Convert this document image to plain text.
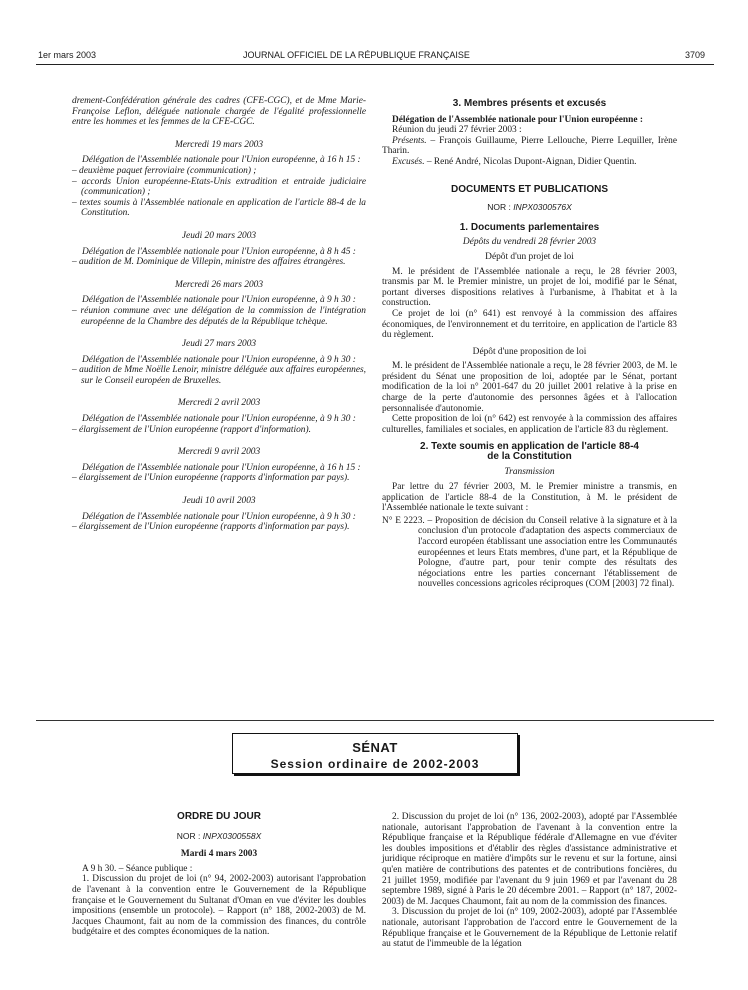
1er mars 2003	JOURNAL OFFICIEL DE LA RÉPUBLIQUE FRANÇAISE	3709

drement-Confédération générale des cadres (CFE-CGC), et de Mme Marie-Françoise Leflon, déléguée nationale chargée de l'égalité professionnelle entre les hommes et les femmes de la CFE-CGC.

Mercredi 19 mars 2003

Délégation de l'Assemblée nationale pour l'Union européenne, à 16 h 15 :

– deuxième paquet ferroviaire (communication) ;
– accords Union européenne-Etats-Unis extradition et entraide judiciaire (communication) ;
– textes soumis à l'Assemblée nationale en application de l'article 88-4 de la Constitution.

Jeudi 20 mars 2003

Délégation de l'Assemblée nationale pour l'Union européenne, à 8 h 45 :

– audition de M. Dominique de Villepin, ministre des affaires étrangères.

Mercredi 26 mars 2003

Délégation de l'Assemblée nationale pour l'Union européenne, à 9 h 30 :

– réunion commune avec une délégation de la commission de l'intégration européenne de la Chambre des députés de la République tchèque.

Jeudi 27 mars 2003

Délégation de l'Assemblée nationale pour l'Union européenne, à 9 h 30 :

– audition de Mme Noëlle Lenoir, ministre déléguée aux affaires européennes, sur le Conseil européen de Bruxelles.

Mercredi 2 avril 2003

Délégation de l'Assemblée nationale pour l'Union européenne, à 9 h 30 :

– élargissement de l'Union européenne (rapport d'information).

Mercredi 9 avril 2003

Délégation de l'Assemblée nationale pour l'Union européenne, à 16 h 15 :

– élargissement de l'Union européenne (rapports d'information par pays).

Jeudi 10 avril 2003

Délégation de l'Assemblée nationale pour l'Union européenne, à 9 h 30 :

– élargissement de l'Union européenne (rapports d'information par pays).

3. Membres présents et excusés

Délégation de l'Assemblée nationale pour l'Union européenne :

Réunion du jeudi 27 février 2003 :

Présents. – François Guillaume, Pierre Lellouche, Pierre Lequiller, Irène Tharin.

Excusés. – René André, Nicolas Dupont-Aignan, Didier Quentin.

DOCUMENTS ET PUBLICATIONS

NOR : INPX0300576X

1. Documents parlementaires

Dépôts du vendredi 28 février 2003

Dépôt d'un projet de loi

M. le président de l'Assemblée nationale a reçu, le 28 février 2003, transmis par M. le Premier ministre, un projet de loi, modifié par le Sénat, portant diverses dispositions relatives à l'urbanisme, à l'habitat et à la construction.

Ce projet de loi (n° 641) est renvoyé à la commission des affaires économiques, de l'environnement et du territoire, en application de l'article 83 du règlement.

Dépôt d'une proposition de loi

M. le président de l'Assemblée nationale a reçu, le 28 février 2003, de M. le président du Sénat une proposition de loi, adoptée par le Sénat, portant modification de la loi n° 2001-647 du 20 juillet 2001 relative à la prise en charge de la perte d'autonomie des personnes âgées et à l'allocation personnalisée d'autonomie.

Cette proposition de loi (n° 642) est renvoyée à la commission des affaires culturelles, familiales et sociales, en application de l'article 83 du règlement.

2. Texte soumis en application de l'article 88-4

de la Constitution

Transmission

Par lettre du 27 février 2003, M. le Premier ministre a transmis, en application de l'article 88-4 de la Constitution, à M. le président de l'Assemblée nationale le texte suivant :

N° E 2223. – Proposition de décision du Conseil relative à la signature et à la conclusion d'un protocole d'adaptation des aspects commerciaux de l'accord européen établissant une association entre les Communautés européennes et leurs Etats membres, d'une part, et la République de Pologne, d'autre part, pour tenir compte des résultats des négociations entre les parties concernant l'établissement de nouvelles concessions agricoles réciproques (COM [2003] 72 final).

SÉNAT
Session ordinaire de 2002-2003

ORDRE DU JOUR

NOR : INPX0300558X

Mardi 4 mars 2003

A 9 h 30. – Séance publique :

1. Discussion du projet de loi (n° 94, 2002-2003) autorisant l'approbation de l'avenant à la convention entre le Gouvernement de la République française et le Gouvernement du Sultanat d'Oman en vue d'éviter les doubles impositions (ensemble un protocole). – Rapport (n° 188, 2002-2003) de M. Jacques Chaumont, fait au nom de la commission des finances, du contrôle budgétaire et des comptes économiques de la nation.

2. Discussion du projet de loi (n° 136, 2002-2003), adopté par l'Assemblée nationale, autorisant l'approbation de l'avenant à la convention entre la République française et la République fédérale d'Allemagne en vue d'éviter les doubles impositions et d'établir des règles d'assistance administrative et juridique réciproque en matière d'impôts sur le revenu et sur la fortune, ainsi qu'en matière de contributions des patentes et de contributions foncières, du 21 juillet 1959, modifiée par l'avenant du 9 juin 1969 et par l'avenant du 28 septembre 1989, signé à Paris le 20 décembre 2001. – Rapport (n° 187, 2002-2003) de M. Jacques Chaumont, fait au nom de la commission des finances.

3. Discussion du projet de loi (n° 109, 2002-2003), adopté par l'Assemblée nationale, autorisant l'approbation de l'accord entre le Gouvernement de la République française et le Gouvernement de la République de Lettonie relatif au statut de l'immeuble de la légation
